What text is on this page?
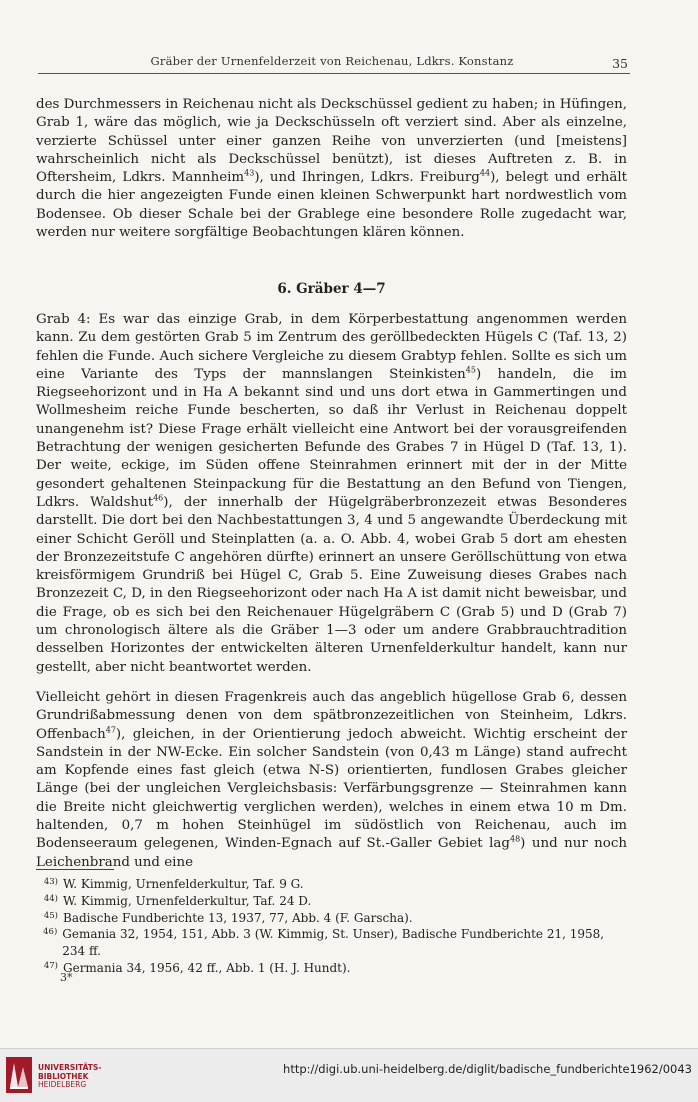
Gräber der Urnenfelderzeit von Reichenau, Ldkrs. Konstanz	35

des Durchmessers in Reichenau nicht als Deckschüssel gedient zu haben; in Hüfingen, Grab 1, wäre das möglich, wie ja Deckschüsseln oft verziert sind. Aber als einzelne, verzierte Schüssel unter einer ganzen Reihe von unverzierten (und [meistens] wahrscheinlich nicht als Deckschüssel benützt), ist dieses Auftreten z. B. in Oftersheim, Ldkrs. Mannheim$^{43}$), und Ihringen, Ldkrs. Freiburg$^{44}$), belegt und erhält durch die hier angezeigten Funde einen kleinen Schwerpunkt hart nordwestlich vom Bodensee. Ob dieser Schale bei der Grablege eine besondere Rolle zugedacht war, werden nur weitere sorgfältige Beobachtungen klären können.

6. Gräber 4—7

Grab 4: Es war das einzige Grab, in dem Körperbestattung angenommen werden kann. Zu dem gestörten Grab 5 im Zentrum des geröllbedeckten Hügels C (Taf. 13, 2) fehlen die Funde. Auch sichere Vergleiche zu diesem Grabtyp fehlen. Sollte es sich um eine Variante des Typs der mannslangen Steinkisten$^{45}$) handeln, die im Riegseehorizont und in Ha A bekannt sind und uns dort etwa in Gammertingen und Wollmesheim reiche Funde bescherten, so daß ihr Verlust in Reichenau doppelt unangenehm ist? Diese Frage erhält vielleicht eine Antwort bei der vorausgreifenden Betrachtung der wenigen gesicherten Befunde des Grabes 7 in Hügel D (Taf. 13, 1). Der weite, eckige, im Süden offene Steinrahmen erinnert mit der in der Mitte gesondert gehaltenen Steinpackung für die Bestattung an den Befund von Tiengen, Ldkrs. Waldshut$^{46}$), der innerhalb der Hügelgräberbronzezeit etwas Besonderes darstellt. Die dort bei den Nachbestattungen 3, 4 und 5 angewandte Überdeckung mit einer Schicht Geröll und Steinplatten (a. a. O. Abb. 4, wobei Grab 5 dort am ehesten der Bronzezeitstufe C angehören dürfte) erinnert an unsere Geröllschüttung von etwa kreisförmigem Grundriß bei Hügel C, Grab 5. Eine Zuweisung dieses Grabes nach Bronzezeit C, D, in den Riegseehorizont oder nach Ha A ist damit nicht beweisbar, und die Frage, ob es sich bei den Reichenauer Hügelgräbern C (Grab 5) und D (Grab 7) um chronologisch ältere als die Gräber 1—3 oder um andere Grabbrauchtradition desselben Horizontes der entwickelten älteren Urnenfelderkultur handelt, kann nur gestellt, aber nicht beantwortet werden.

Vielleicht gehört in diesen Fragenkreis auch das angeblich hügellose Grab 6, dessen Grundrißabmessung denen von dem spätbronzezeitlichen von Steinheim, Ldkrs. Offenbach$^{47}$), gleichen, in der Orientierung jedoch abweicht. Wichtig erscheint der Sandstein in der NW-Ecke. Ein solcher Sandstein (von 0,43 m Länge) stand aufrecht am Kopfende eines fast gleich (etwa N-S) orientierten, fundlosen Grabes gleicher Länge (bei der ungleichen Vergleichsbasis: Verfärbungsgrenze — Steinrahmen kann die Breite nicht gleichwertig verglichen werden), welches in einem etwa 10 m Dm. haltenden, 0,7 m hohen Steinhügel im südöstlich von Reichenau, auch im Bodenseeraum gelegenen, Winden-Egnach auf St.-Galler Gebiet lag$^{48}$) und nur noch Leichenbrand und eine

43) W. Kimmig, Urnenfelderkultur, Taf. 9 G.
44) W. Kimmig, Urnenfelderkultur, Taf. 24 D.
45) Badische Fundberichte 13, 1937, 77, Abb. 4 (F. Garscha).
46) Gemania 32, 1954, 151, Abb. 3 (W. Kimmig, St. Unser), Badische Fundberichte 21, 1958, 234 ff.
47) Germania 34, 1956, 42 ff., Abb. 1 (H. J. Hundt).
3*
UNIVERSITÄTS-
BIBLIOTHEK
HEIDELBERG
http://digi.ub.uni-heidelberg.de/diglit/badische_fundberichte1962/0043
